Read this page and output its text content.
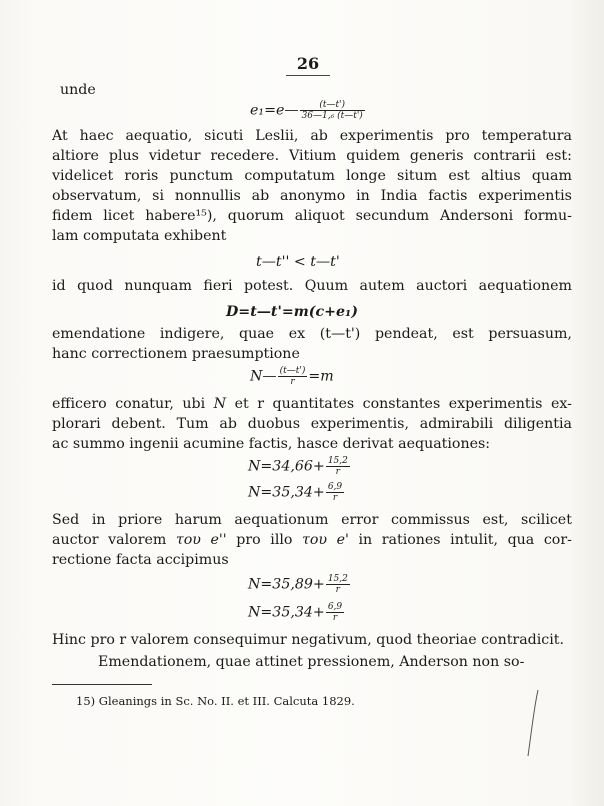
26
unde
e₁=e— $\frac{(t—t')}{\text{36—1,₆ (t—t')}}$
At haec aequatio, sicuti Leslii, ab experimentis pro temperatura
altiore plus videtur recedere. Vitium quidem generis contrarii est:
videlicet roris punctum computatum longe situm est altius quam
observatum, si nonnullis ab anonymo in India factis experimentis
fidem licet habere¹⁵), quorum aliquot secundum Andersoni formu-
lam computata exhibent
t—t'' < t—t'
id quod nunquam fieri potest. Quum autem auctori aequationem
D=t—t'=m(c+e₁)
emendatione indigere, quae ex (t—t') pendeat, est persuasum,
hanc correctionem praesumptione
N— $\frac{(t—t')}{r} =m$
efficero conatur, ubi N et r quantitates constantes experimentis ex-
plorari debent. Tum ab duobus experimentis, admirabili diligentia
ac summo ingenii acumine factis, hasce derivat aequationes:
$N=34,66+ \frac{15,2}{r}$
$N=35,34+ \frac{6,9}{r}$
Sed in priore harum aequationum error commissus est, scilicet
auctor valorem του e'' pro illo του e' in rationes intulit, qua cor-
rectione facta accipimus
$N=35,89+ \frac{15,2}{r}$
$N=35,34+ \frac{6,9}{r}$
Hinc pro r valorem consequimur negativum, quod theoriae contradicit.
Emendationem, quae attinet pressionem, Anderson non so-
15) Gleanings in Sc. No. II. et III. Calcuta 1829.
